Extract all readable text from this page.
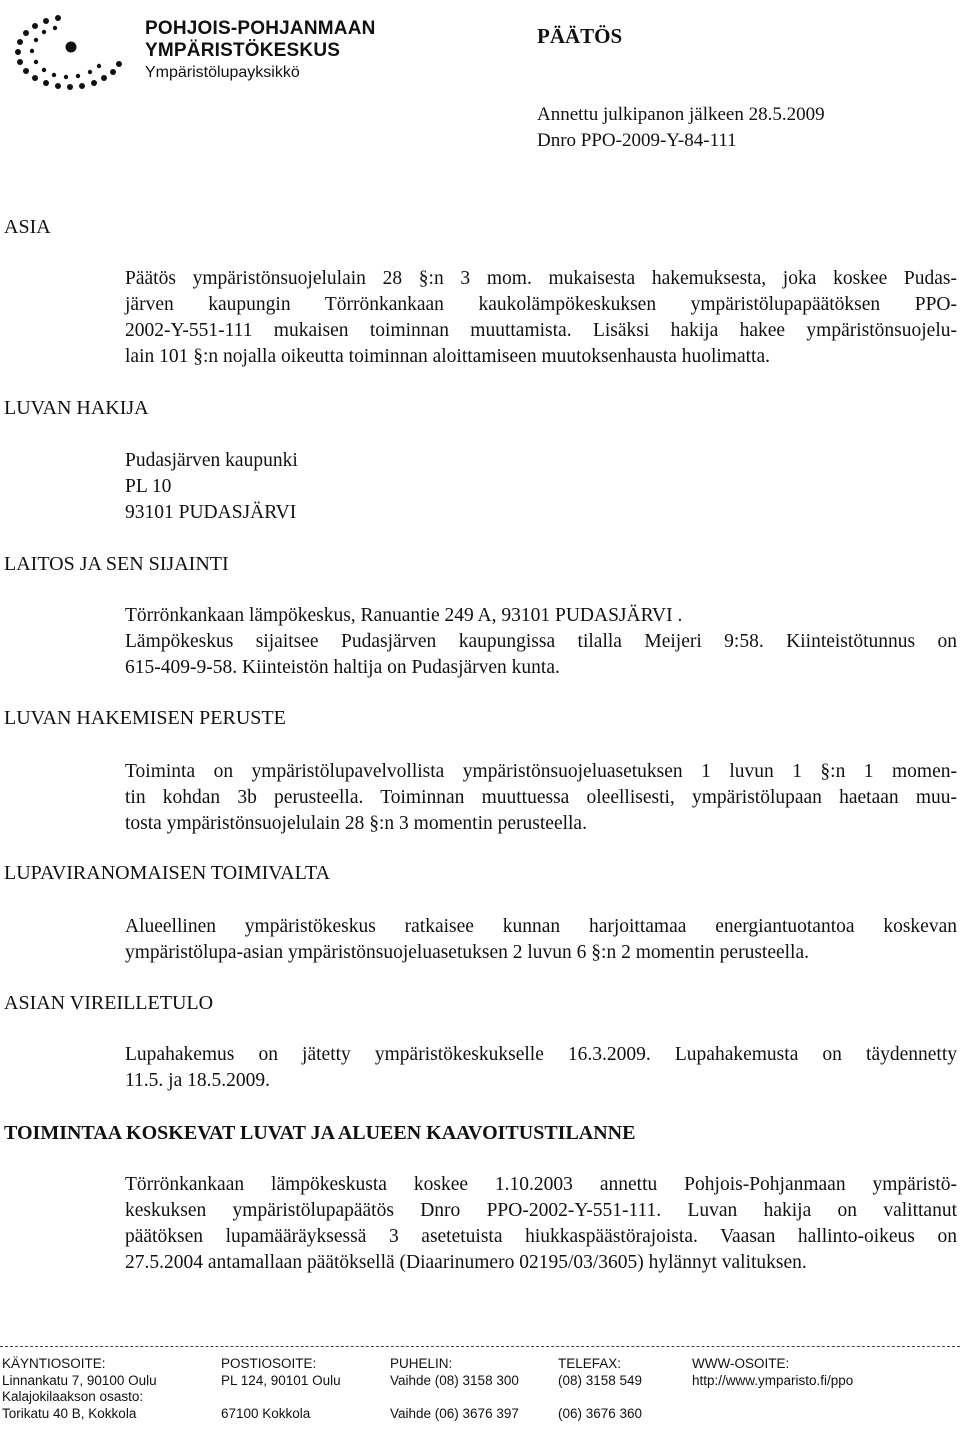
POHJOIS-POHJANMAAN
YMPÄRISTÖKESKUS
Ympäristölupayksikkö
PÄÄTÖS
Annettu julkipanon jälkeen 28.5.2009
Dnro PPO-2009-Y-84-111
ASIA
Päätös ympäristönsuojelulain 28 §:n 3 mom. mukaisesta hakemuksesta, joka koskee Pudas-
järven kaupungin Törrönkankaan kaukolämpökeskuksen ympäristölupapäätöksen PPO-
2002-Y-551-111 mukaisen toiminnan muuttamista. Lisäksi hakija hakee ympäristönsuojelu-
lain 101 §:n nojalla oikeutta toiminnan aloittamiseen muutoksenhausta huolimatta.
LUVAN HAKIJA
Pudasjärven kaupunki
PL 10
93101 PUDASJÄRVI
LAITOS JA SEN SIJAINTI
Törrönkankaan lämpökeskus, Ranuantie 249 A, 93101 PUDASJÄRVI .
Lämpökeskus sijaitsee Pudasjärven kaupungissa tilalla Meijeri 9:58. Kiinteistötunnus on
615-409-9-58. Kiinteistön haltija on Pudasjärven kunta.
LUVAN HAKEMISEN PERUSTE
Toiminta on ympäristölupavelvollista ympäristönsuojeluasetuksen 1 luvun 1 §:n 1 momen-
tin kohdan 3b perusteella. Toiminnan muuttuessa oleellisesti, ympäristölupaan haetaan muu-
tosta ympäristönsuojelulain 28 §:n 3 momentin perusteella.
LUPAVIRANOMAISEN TOIMIVALTA
Alueellinen ympäristökeskus ratkaisee kunnan harjoittamaa energiantuotantoa koskevan
ympäristölupa-asian ympäristönsuojeluasetuksen 2 luvun 6 §:n 2 momentin perusteella.
ASIAN VIREILLETULO
Lupahakemus on jätetty ympäristökeskukselle 16.3.2009. Lupahakemusta on täydennetty
11.5. ja 18.5.2009.
TOIMINTAA KOSKEVAT LUVAT JA ALUEEN KAAVOITUSTILANNE
Törrönkankaan lämpökeskusta koskee 1.10.2003 annettu Pohjois-Pohjanmaan ympäristö-
keskuksen ympäristölupapäätös Dnro PPO-2002-Y-551-111. Luvan hakija on valittanut
päätöksen lupamääräyksessä 3 asetetuista hiukkaspäästörajoista. Vaasan hallinto-oikeus on
27.5.2004 antamallaan päätöksellä (Diaarinumero 02195/03/3605) hylännyt valituksen.
KÄYNTIOSOITE:
Linnankatu 7, 90100 Oulu
Kalajokilaakson osasto:
Torikatu 40 B, Kokkola
POSTIOSOITE:
PL 124, 90101 Oulu

67100 Kokkola
PUHELIN:
Vaihde (08) 3158 300

Vaihde (06) 3676 397
TELEFAX:
(08) 3158 549

(06) 3676 360
WWW-OSOITE:
http://www.ymparisto.fi/ppo
